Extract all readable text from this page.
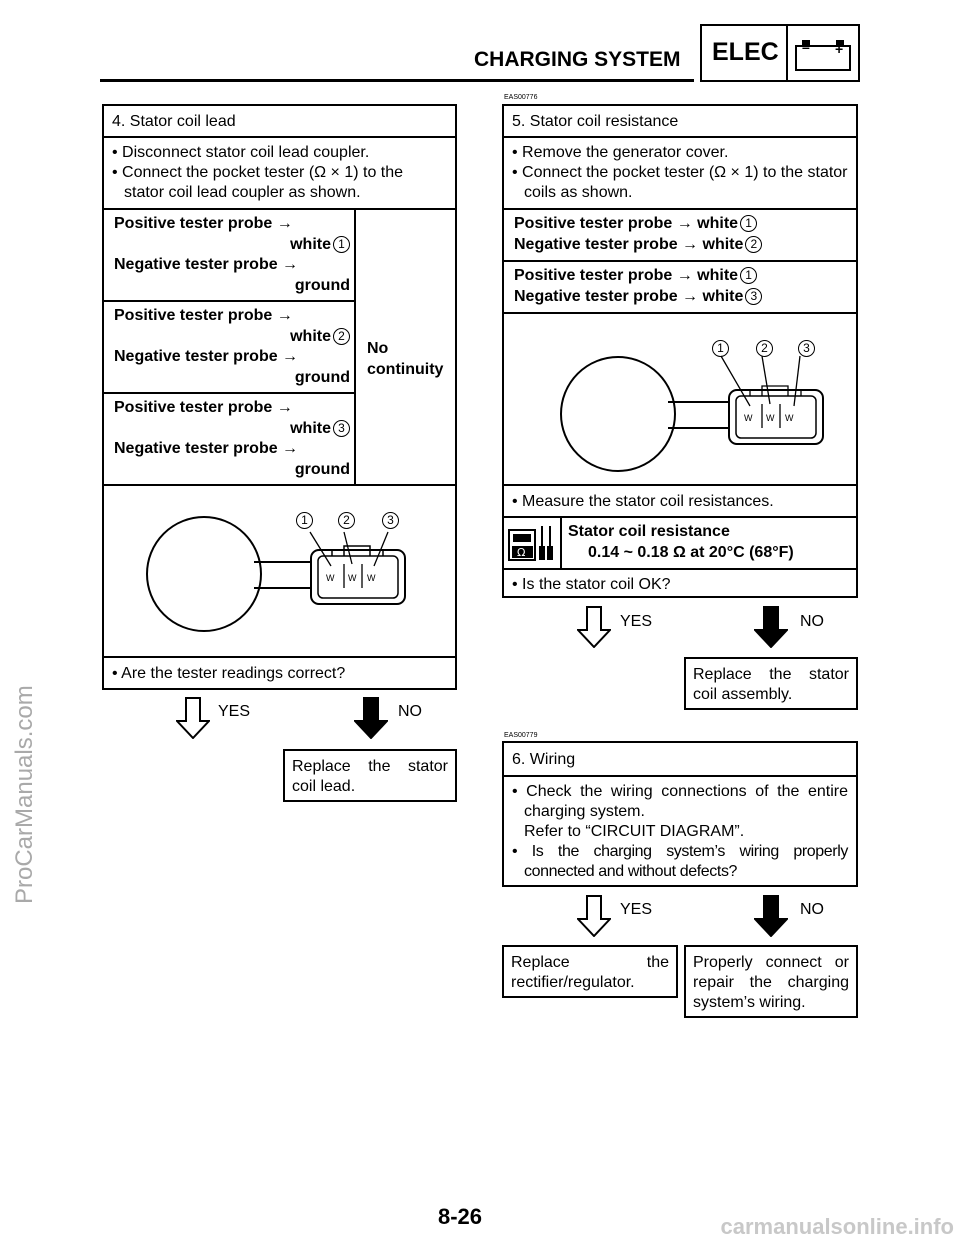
CHARGING SYSTEM ELEC – +
4. Stator coil lead
• Disconnect stator coil lead coupler.
• Connect the pocket tester (Ω × 1) to the stator coil lead coupler as shown.
No
continuity
Positive tester probe →
white 1
Negative tester probe →
ground
Positive tester probe →
white 2
Negative tester probe →
ground
Positive tester probe →
white 3
Negative tester probe →
ground
1	2	3
W W W
• Are the tester readings correct?
YES	NO
Replace the stator coil lead.
EAS00776
5. Stator coil resistance
• Remove the generator cover.
• Connect the pocket tester (Ω × 1) to the stator coils as shown.
Positive tester probe → white 1
Negative tester probe → white 2
Positive tester probe → white 1
Negative tester probe → white 3
1	2	3
W W W
• Measure the stator coil resistances.
Ω
Stator coil resistance
0.14 ~ 0.18 Ω at 20°C (68°F)
• Is the stator coil OK?
YES	NO
Replace the stator coil assembly.
EAS00779
6. Wiring
• Check the wiring connections of the entire charging system.
Refer to “CIRCUIT DIAGRAM”.
• Is the charging system’s wiring properly connected and without defects?
YES	NO
Replace the rectifier/regulator.
Properly connect or repair the charging system’s wiring.
8-26
ProCarManuals.com
carmanualsonline.info
